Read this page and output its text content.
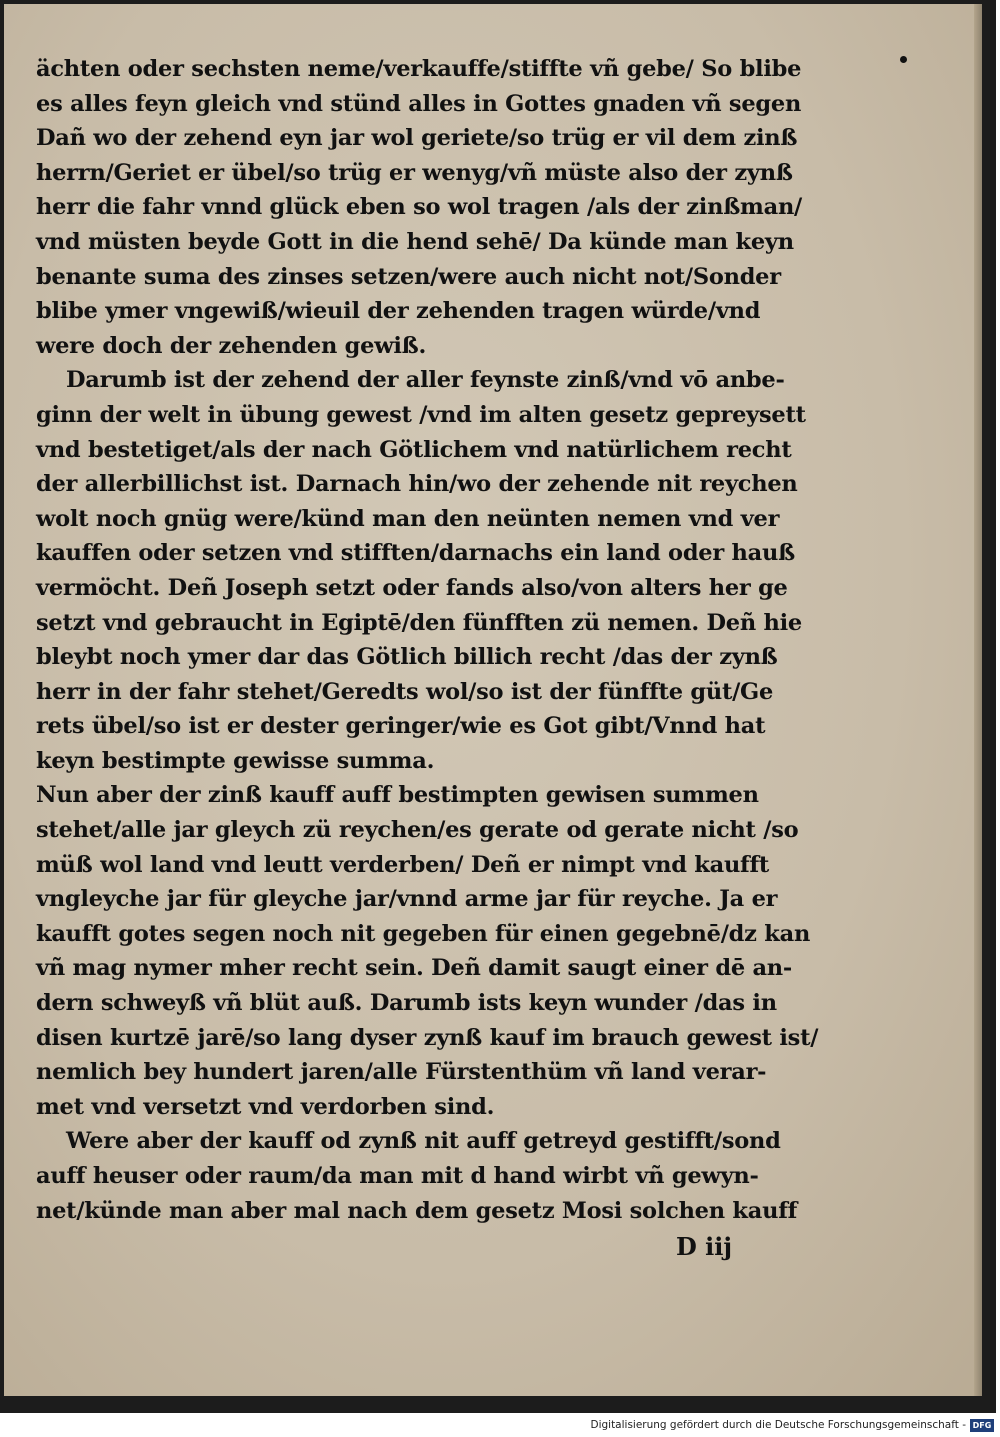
ächten oder sechsten neme/verkauffe/stiffte vñ gebe/ So blibe
es alles feyn gleich vnd stünd alles in Gottes gnaden vñ segen
Dañ wo der zehend eyn jar wol geriete/so trüg er vil dem zinß
herrn/Geriet er übel/so trüg er wenyg/vñ müste also der zynß
herr die fahr vnnd glück eben so wol tragen /als der zinßman/
vnd müsten beyde Gott in die hend sehē/ Da künde man keyn
benante suma des zinses setzen/were auch nicht not/Sonder
blibe ymer vngewiß/wieuil der zehenden tragen würde/vnd
were doch der zehenden gewiß.
Darumb ist der zehend der aller feynste zinß/vnd vō anbe-
ginn der welt in übung gewest /vnd im alten gesetz gepreysett
vnd bestetiget/als der nach Götlichem vnd natürlichem recht
der allerbillichst ist. Darnach hin/wo der zehende nit reychen
wolt noch gnüg were/künd man den neünten nemen vnd ver
kauffen oder setzen vnd stifften/darnachs ein land oder hauß
vermöcht. Deñ Joseph setzt oder fands also/von alters her ge
setzt vnd gebraucht in Egiptē/den fünfften zü nemen. Deñ hie
bleybt noch ymer dar das Götlich billich recht /das der zynß
herr in der fahr stehet/Geredts wol/so ist der fünffte güt/Ge
rets übel/so ist er dester geringer/wie es Got gibt/Vnnd hat
keyn bestimpte gewisse summa.
Nun aber der zinß kauff auff bestimpten gewisen summen
stehet/alle jar gleych zü reychen/es gerate od gerate nicht /so
müß wol land vnd leutt verderben/ Deñ er nimpt vnd kaufft
vngleyche jar für gleyche jar/vnnd arme jar für reyche. Ja er
kaufft gotes segen noch nit gegeben für einen gegebnē/dz kan
vñ mag nymer mher recht sein. Deñ damit saugt einer dē an-
dern schweyß vñ blüt auß. Darumb ists keyn wunder /das in
disen kurtzē jarē/so lang dyser zynß kauf im brauch gewest ist/
nemlich bey hundert jaren/alle Fürstenthüm vñ land verar-
met vnd versetzt vnd verdorben sind.
Were aber der kauff od zynß nit auff getreyd gestifft/sond
auff heuser oder raum/da man mit d hand wirbt vñ gewyn-
net/künde man aber mal nach dem gesetz Mosi solchen kauff
D iij
Digitalisierung gefördert durch die Deutsche Forschungsgemeinschaft - DFG
